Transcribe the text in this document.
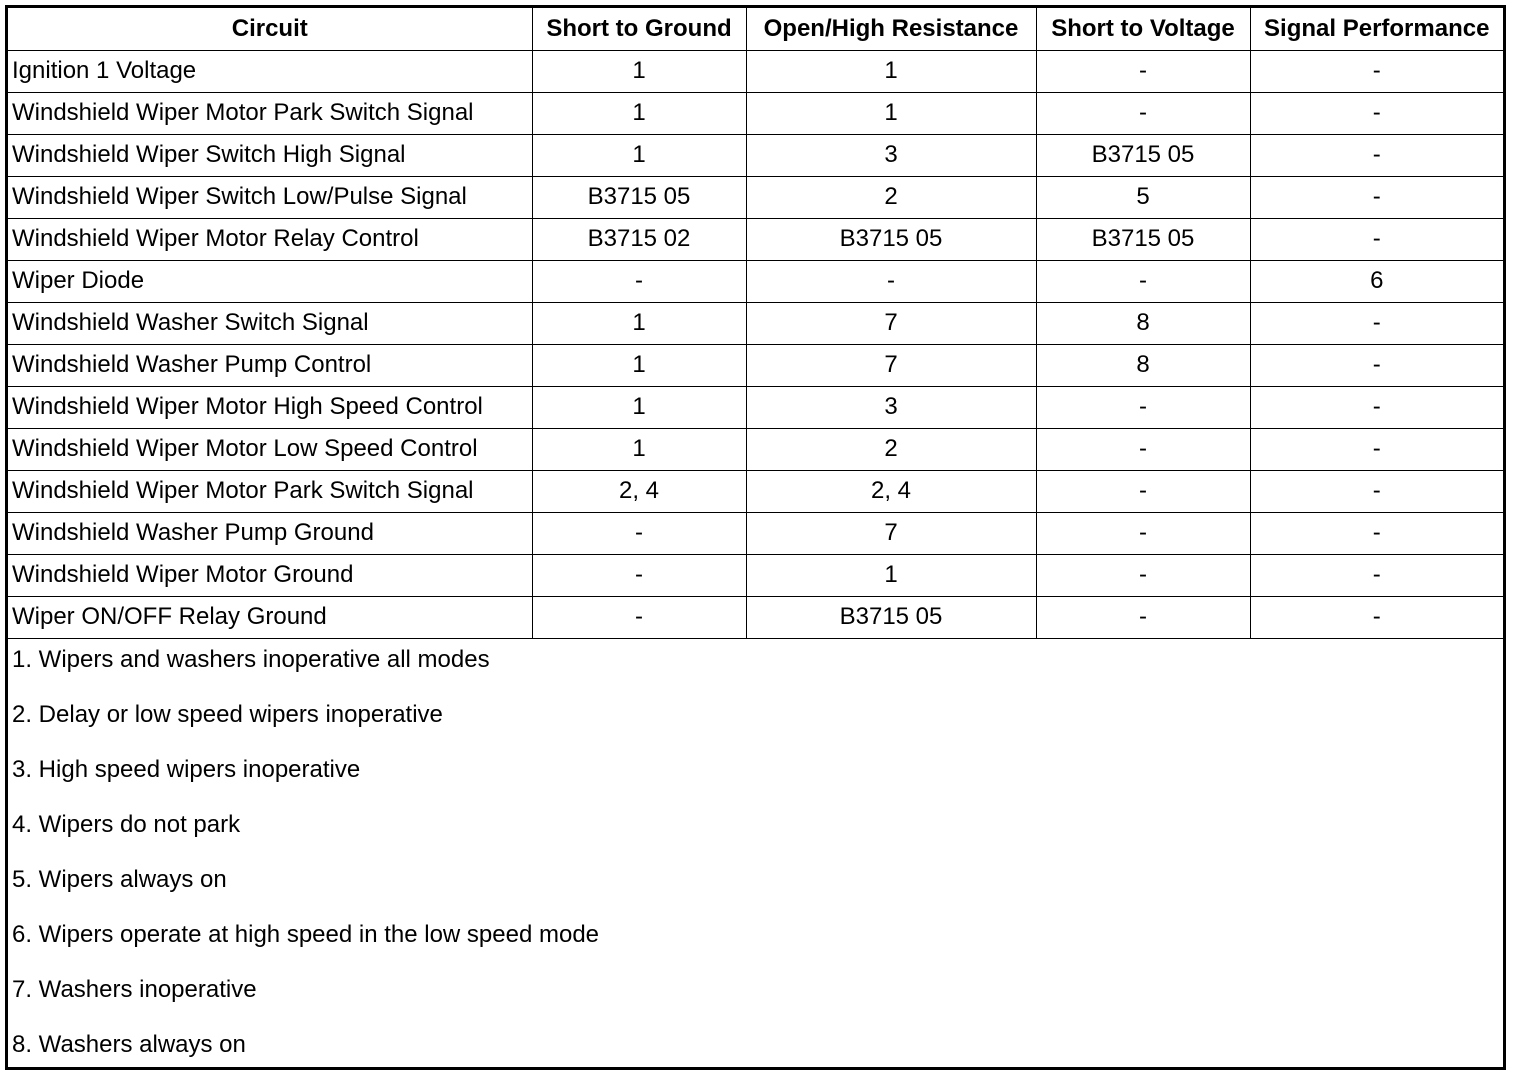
Circuit	Short to Ground	Open/High Resistance	Short to Voltage	Signal Performance
Ignition 1 Voltage	1	1	-	-
Windshield Wiper Motor Park Switch Signal	1	1	-	-
Windshield Wiper Switch High Signal	1	3	B3715 05	-
Windshield Wiper Switch Low/Pulse Signal	B3715 05	2	5	-
Windshield Wiper Motor Relay Control	B3715 02	B3715 05	B3715 05	-
Wiper Diode	-	-	-	6
Windshield Washer Switch Signal	1	7	8	-
Windshield Washer Pump Control	1	7	8	-
Windshield Wiper Motor High Speed Control	1	3	-	-
Windshield Wiper Motor Low Speed Control	1	2	-	-
Windshield Wiper Motor Park Switch Signal	2, 4	2, 4	-	-
Windshield Washer Pump Ground	-	7	-	-
Windshield Wiper Motor Ground	-	1	-	-
Wiper ON/OFF Relay Ground	-	B3715 05	-	-
1. Wipers and washers inoperative all modes
2. Delay or low speed wipers inoperative
3. High speed wipers inoperative
4. Wipers do not park
5. Wipers always on
6. Wipers operate at high speed in the low speed mode
7. Washers inoperative
8. Washers always on
